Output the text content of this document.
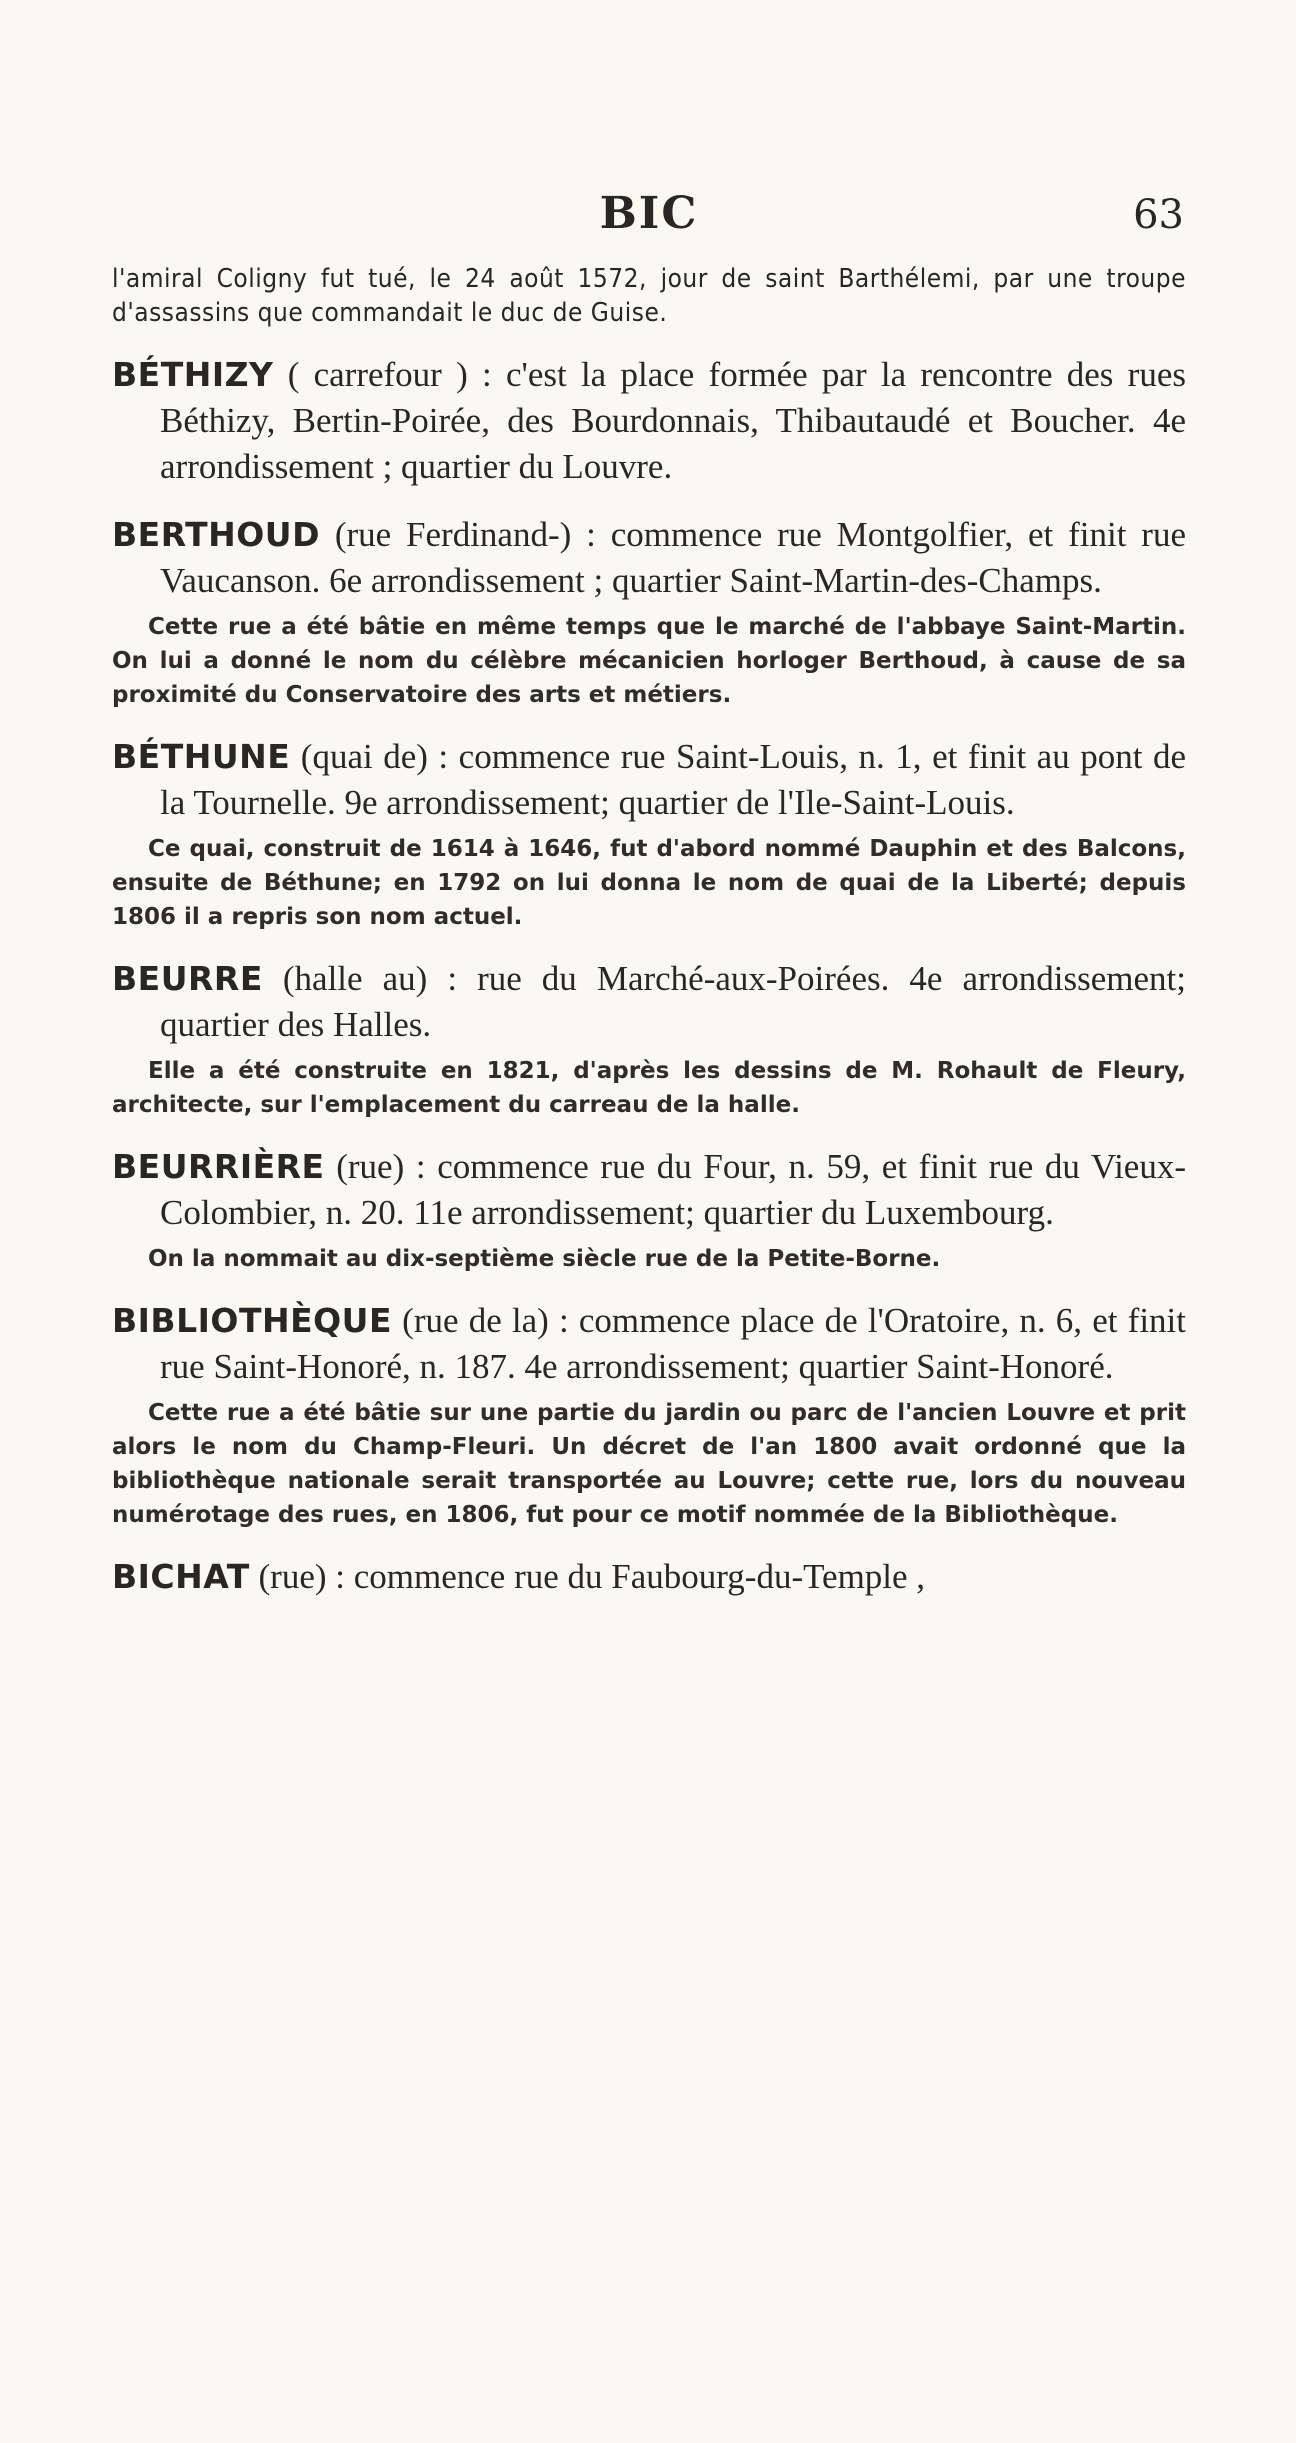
BIC	63

l'amiral Coligny fut tué, le 24 août 1572, jour de saint Barthélemi, par une troupe d'assassins que commandait le duc de Guise.

BÉTHIZY ( carrefour ) : c'est la place formée par la rencontre des rues Béthizy, Bertin-Poirée, des Bourdonnais, Thibautaudé et Boucher. 4e arrondissement ; quartier du Louvre.

BERTHOUD (rue Ferdinand-) : commence rue Montgolfier, et finit rue Vaucanson. 6e arrondissement ; quartier Saint-Martin-des-Champs.

Cette rue a été bâtie en même temps que le marché de l'abbaye Saint-Martin. On lui a donné le nom du célèbre mécanicien horloger Berthoud, à cause de sa proximité du Conservatoire des arts et métiers.

BÉTHUNE (quai de) : commence rue Saint-Louis, n. 1, et finit au pont de la Tournelle. 9e arrondissement; quartier de l'Ile-Saint-Louis.

Ce quai, construit de 1614 à 1646, fut d'abord nommé Dauphin et des Balcons, ensuite de Béthune; en 1792 on lui donna le nom de quai de la Liberté; depuis 1806 il a repris son nom actuel.

BEURRE (halle au) : rue du Marché-aux-Poirées. 4e arrondissement; quartier des Halles.

Elle a été construite en 1821, d'après les dessins de M. Rohault de Fleury, architecte, sur l'emplacement du carreau de la halle.

BEURRIÈRE (rue) : commence rue du Four, n. 59, et finit rue du Vieux-Colombier, n. 20. 11e arrondissement; quartier du Luxembourg.

On la nommait au dix-septième siècle rue de la Petite-Borne.

BIBLIOTHÈQUE (rue de la) : commence place de l'Oratoire, n. 6, et finit rue Saint-Honoré, n. 187. 4e arrondissement; quartier Saint-Honoré.

Cette rue a été bâtie sur une partie du jardin ou parc de l'ancien Louvre et prit alors le nom du Champ-Fleuri. Un décret de l'an 1800 avait ordonné que la bibliothèque nationale serait transportée au Louvre; cette rue, lors du nouveau numérotage des rues, en 1806, fut pour ce motif nommée de la Bibliothèque.

BICHAT (rue) : commence rue du Faubourg-du-Temple ,
